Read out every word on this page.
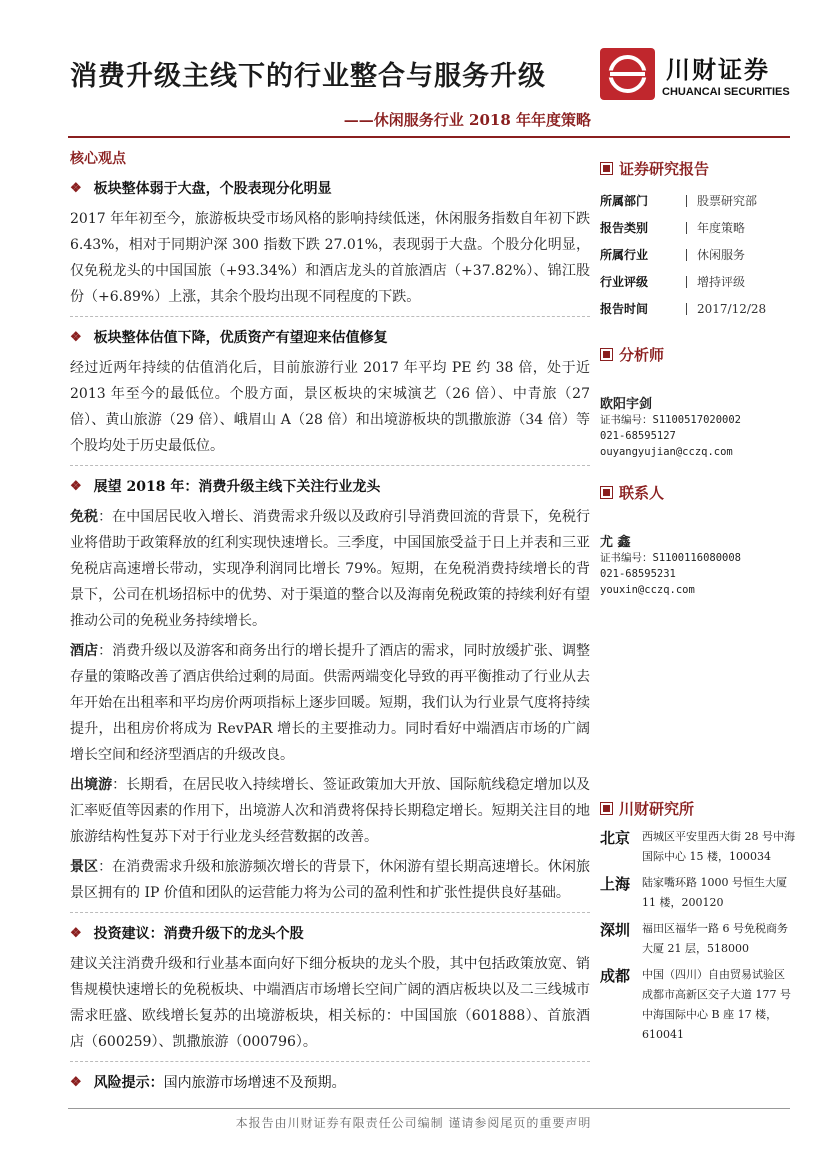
消费升级主线下的行业整合与服务升级
——休闲服务行业 2018 年年度策略
川财证券
CHUANCAI SECURITIES
核心观点
❖ 板块整体弱于大盘，个股表现分化明显
2017 年年初至今，旅游板块受市场风格的影响持续低迷，休闲服务指数自年初下跌 6.43%，相对于同期沪深 300 指数下跌 27.01%，表现弱于大盘。个股分化明显，仅免税龙头的中国国旅（+93.34%）和酒店龙头的首旅酒店（+37.82%）、锦江股份（+6.89%）上涨，其余个股均出现不同程度的下跌。
❖ 板块整体估值下降，优质资产有望迎来估值修复
经过近两年持续的估值消化后，目前旅游行业 2017 年平均 PE 约 38 倍，处于近 2013 年至今的最低位。个股方面，景区板块的宋城演艺（26 倍）、中青旅（27 倍）、黄山旅游（29 倍）、峨眉山 A（28 倍）和出境游板块的凯撒旅游（34 倍）等个股均处于历史最低位。
❖ 展望 2018 年：消费升级主线下关注行业龙头
免税：在中国居民收入增长、消费需求升级以及政府引导消费回流的背景下，免税行业将借助于政策释放的红利实现快速增长。三季度，中国国旅受益于日上并表和三亚免税店高速增长带动，实现净利润同比增长 79%。短期，在免税消费持续增长的背景下，公司在机场招标中的优势、对于渠道的整合以及海南免税政策的持续利好有望推动公司的免税业务持续增长。
酒店：消费升级以及游客和商务出行的增长提升了酒店的需求，同时放缓扩张、调整存量的策略改善了酒店供给过剩的局面。供需两端变化导致的再平衡推动了行业从去年开始在出租率和平均房价两项指标上逐步回暖。短期，我们认为行业景气度将持续提升，出租房价将成为 RevPAR 增长的主要推动力。同时看好中端酒店市场的广阔增长空间和经济型酒店的升级改良。
出境游：长期看，在居民收入持续增长、签证政策加大开放、国际航线稳定增加以及汇率贬值等因素的作用下，出境游人次和消费将保持长期稳定增长。短期关注目的地旅游结构性复苏下对于行业龙头经营数据的改善。
景区：在消费需求升级和旅游频次增长的背景下，休闲游有望长期高速增长。休闲旅景区拥有的 IP 价值和团队的运营能力将为公司的盈利性和扩张性提供良好基础。
❖ 投资建议：消费升级下的龙头个股
建议关注消费升级和行业基本面向好下细分板块的龙头个股，其中包括政策放宽、销售规模快速增长的免税板块、中端酒店市场增长空间广阔的酒店板块以及二三线城市需求旺盛、欧线增长复苏的出境游板块，相关标的：中国国旅（601888）、首旅酒店（600259）、凯撒旅游（000796）。
❖ 风险提示： 国内旅游市场增速不及预期。
证券研究报告
所属部门	股票研究部
报告类别	年度策略
所属行业	休闲服务
行业评级	增持评级
报告时间	2017/12/28
分析师
欧阳宇剑
证书编号：S1100517020002
021-68595127
ouyangyujian@cczq.com
联系人
尤 鑫
证书编号：S1100116080008
021-68595231
youxin@cczq.com
川财研究所
北京	西城区平安里西大街 28 号中海国际中心 15 楼，100034
上海	陆家嘴环路 1000 号恒生大厦 11 楼，200120
深圳	福田区福华一路 6 号免税商务大厦 21 层，518000
成都	中国（四川）自由贸易试验区成都市高新区交子大道 177 号中海国际中心 B 座 17 楼，610041
本报告由川财证券有限责任公司编制 谨请参阅尾页的重要声明
